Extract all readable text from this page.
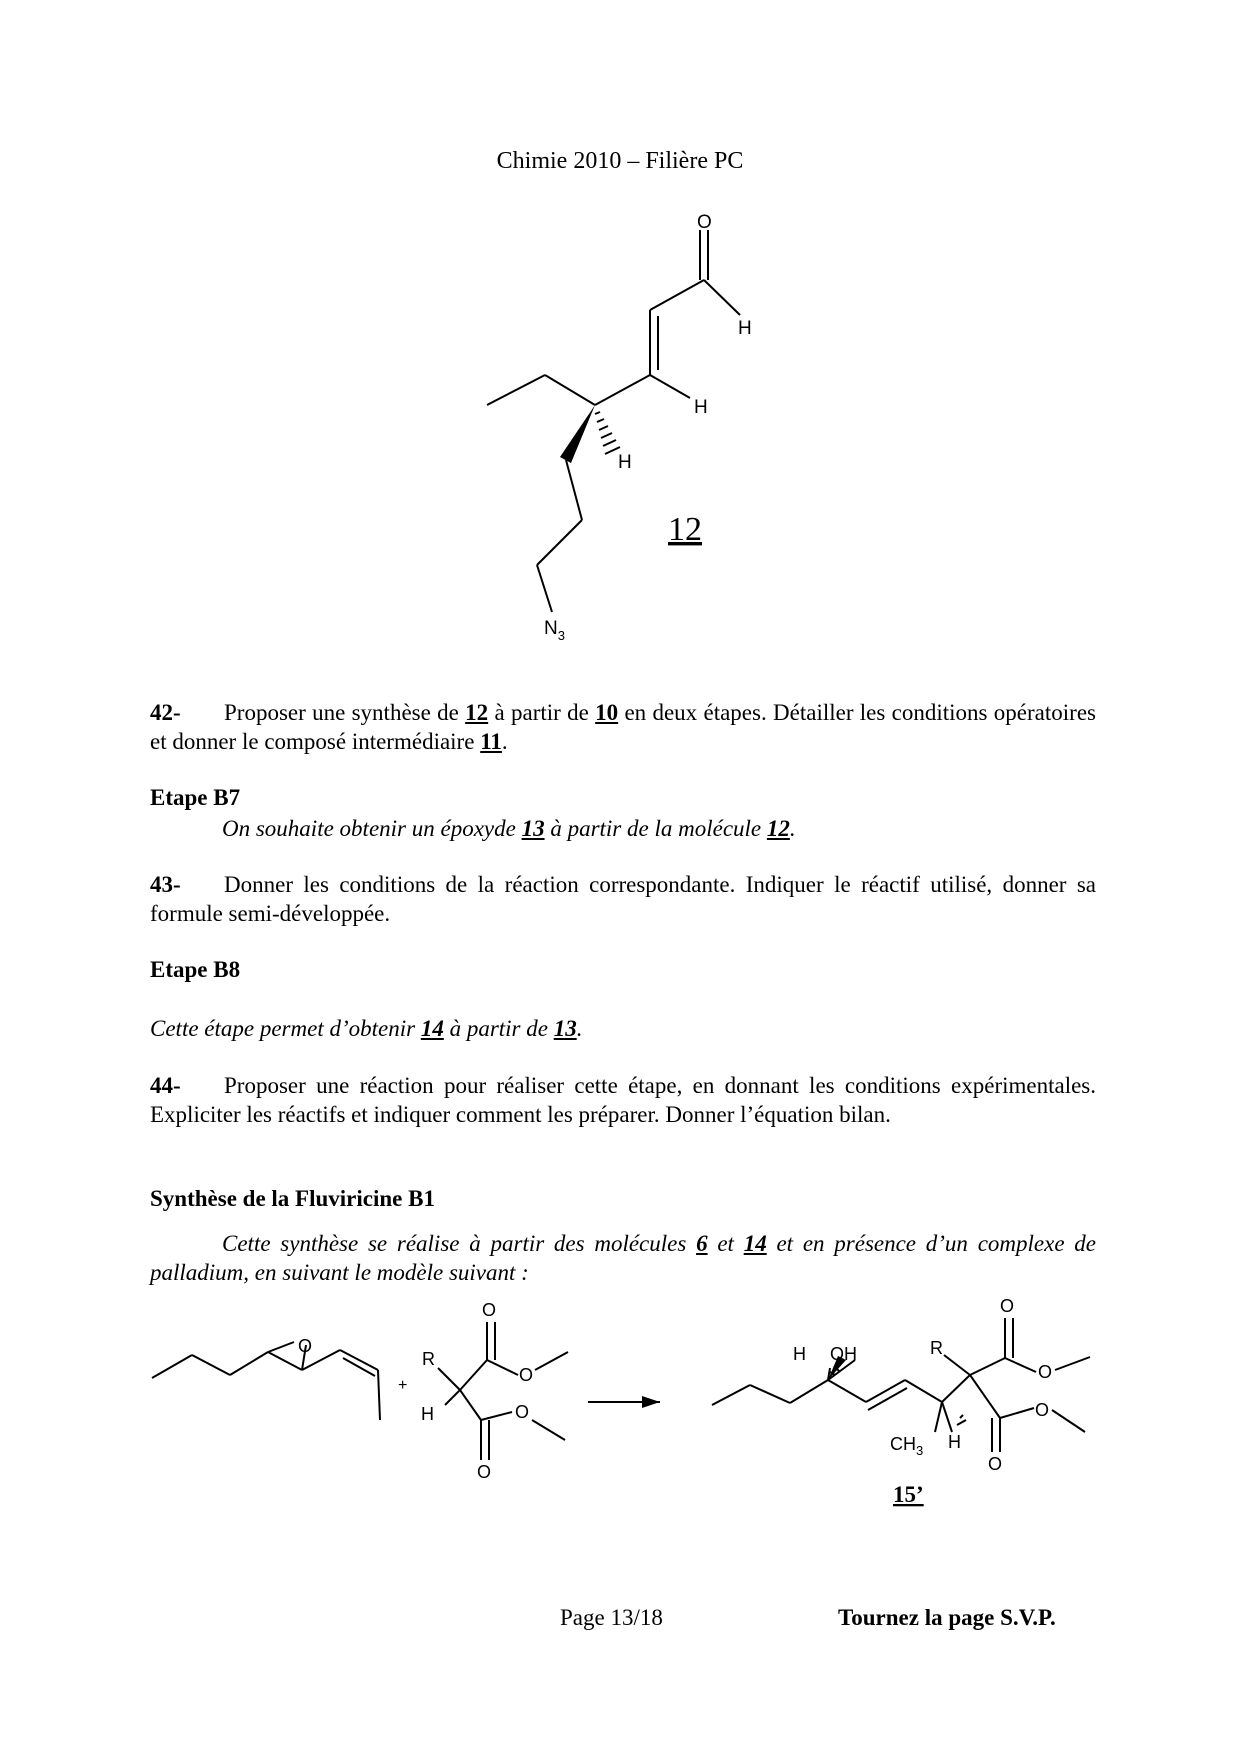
Chimie 2010 – Filière PC
O
H
H
H
$N_3$
12
42- Proposer une synthèse de 12 à partir de 10 en deux étapes. Détailler les conditions opératoires et donner le composé intermédiaire 11.
Etape B7
On souhaite obtenir un époxyde 13 à partir de la molécule 12.
43- Donner les conditions de la réaction correspondante. Indiquer le réactif utilisé, donner sa formule semi-développée.
Etape B8
Cette étape permet d’obtenir 14 à partir de 13.
44- Proposer une réaction pour réaliser cette étape, en donnant les conditions expérimentales. Expliciter les réactifs et indiquer comment les préparer. Donner l’équation bilan.
Synthèse de la Fluviricine B1
Cette synthèse se réalise à partir des molécules 6 et 14 et en présence d’un complexe de palladium, en suivant le modèle suivant :
O
+
R
H
O
O
O
O
H OH	R
O
O
O
O
$CH_3$ H
15’
Page 13/18	Tournez la page S.V.P.
